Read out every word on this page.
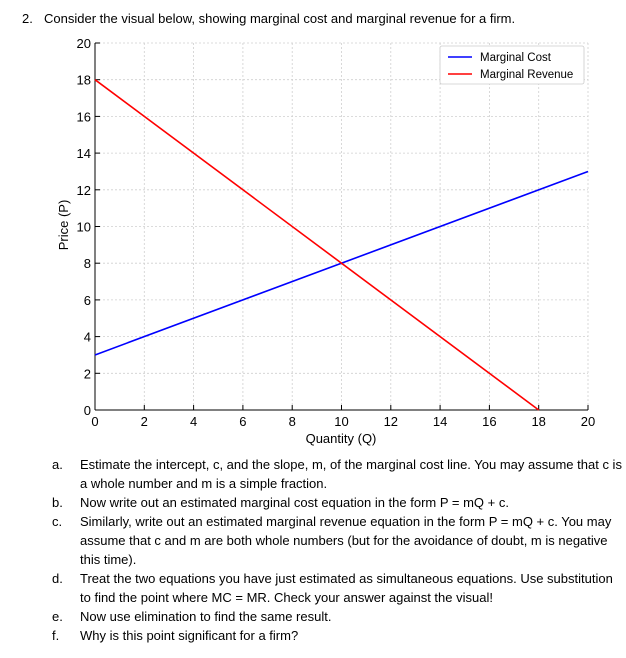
2. Consider the visual below, showing marginal cost and marginal revenue for a firm.
0	2	4	6	8	10	12	14	16	18	20
0
2
4
6
8
10
12
14
16
18
20
Quantity (Q)
Price (P)
Marginal Cost
Marginal Revenue
a.	Estimate the intercept, c, and the slope, m, of the marginal cost line. You may assume that c is a whole number and m is a simple fraction.
b.	Now write out an estimated marginal cost equation in the form P = mQ + c.
c.	Similarly, write out an estimated marginal revenue equation in the form P = mQ + c. You may assume that c and m are both whole numbers (but for the avoidance of doubt, m is negative this time).
d.	Treat the two equations you have just estimated as simultaneous equations. Use substitution to find the point where MC = MR. Check your answer against the visual!
e.	Now use elimination to find the same result.
f.	Why is this point significant for a firm?
